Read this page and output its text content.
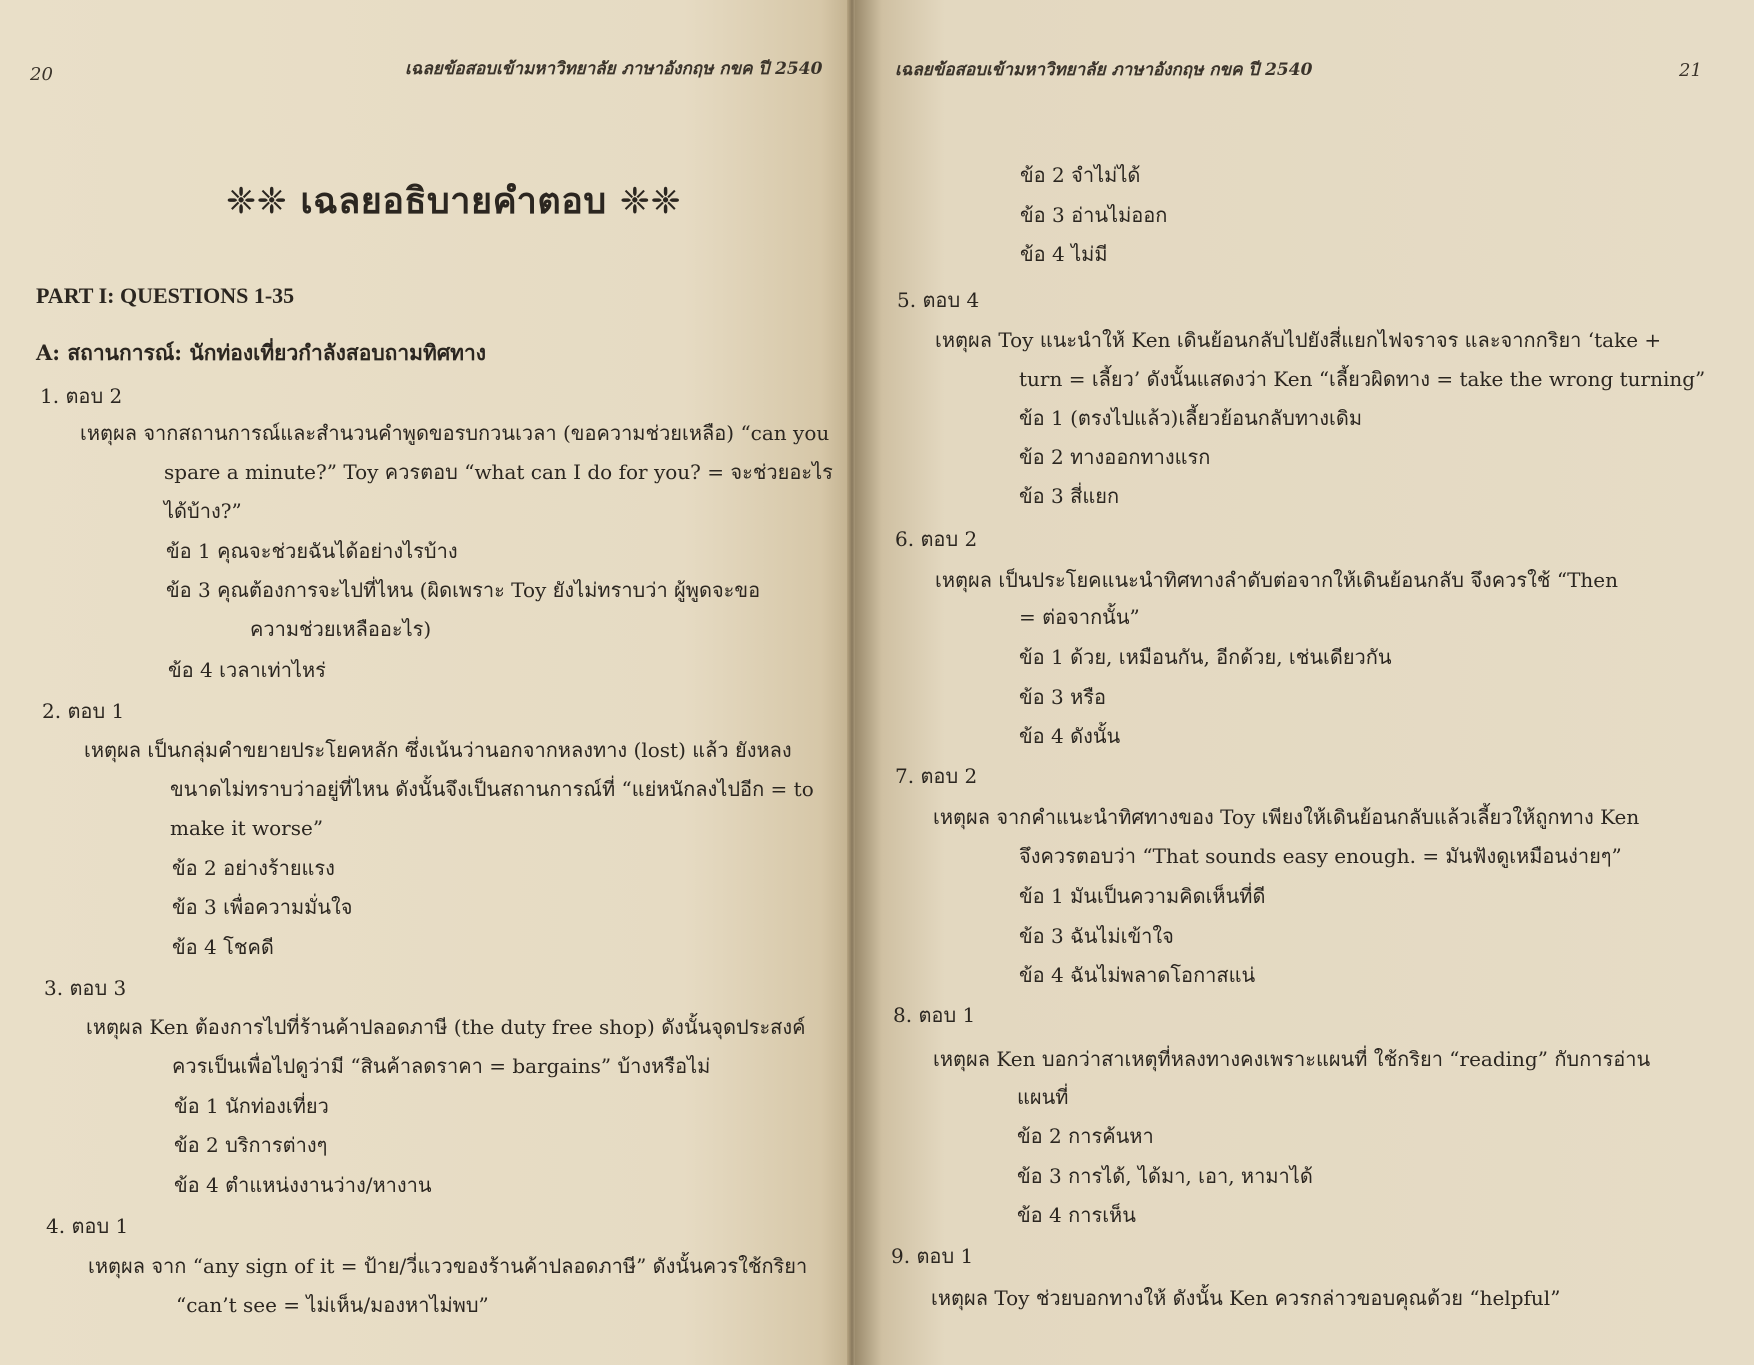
20	เฉลยข้อสอบเข้ามหาวิทยาลัย ภาษาอังกฤษ กขค ปี 2540
❈❈ เฉลยอธิบายคำตอบ ❈❈
PART I: QUESTIONS 1-35
A: สถานการณ์: นักท่องเที่ยวกำลังสอบถามทิศทาง
1. ตอบ 2
เหตุผล จากสถานการณ์และสำนวนคำพูดขอรบกวนเวลา (ขอความช่วยเหลือ) “can you
spare a minute?” Toy ควรตอบ “what can I do for you? = จะช่วยอะไร
ได้บ้าง?”
ข้อ 1 คุณจะช่วยฉันได้อย่างไรบ้าง
ข้อ 3 คุณต้องการจะไปที่ไหน (ผิดเพราะ Toy ยังไม่ทราบว่า ผู้พูดจะขอ
ความช่วยเหลืออะไร)
ข้อ 4 เวลาเท่าไหร่
2. ตอบ 1
เหตุผล เป็นกลุ่มคำขยายประโยคหลัก ซึ่งเน้นว่านอกจากหลงทาง (lost) แล้ว ยังหลง
ขนาดไม่ทราบว่าอยู่ที่ไหน ดังนั้นจึงเป็นสถานการณ์ที่ “แย่หนักลงไปอีก = to
make it worse”
ข้อ 2 อย่างร้ายแรง
ข้อ 3 เพื่อความมั่นใจ
ข้อ 4 โชคดี
3. ตอบ 3
เหตุผล Ken ต้องการไปที่ร้านค้าปลอดภาษี (the duty free shop) ดังนั้นจุดประสงค์
ควรเป็นเพื่อไปดูว่ามี “สินค้าลดราคา = bargains” บ้างหรือไม่
ข้อ 1 นักท่องเที่ยว
ข้อ 2 บริการต่างๆ
ข้อ 4 ตำแหน่งงานว่าง/หางาน
4. ตอบ 1
เหตุผล จาก “any sign of it = ป้าย/วี่แววของร้านค้าปลอดภาษี” ดังนั้นควรใช้กริยา
“can’t see = ไม่เห็น/มองหาไม่พบ”
เฉลยข้อสอบเข้ามหาวิทยาลัย ภาษาอังกฤษ กขค ปี 2540	21
ข้อ 2 จำไม่ได้
ข้อ 3 อ่านไม่ออก
ข้อ 4 ไม่มี
5. ตอบ 4
เหตุผล Toy แนะนำให้ Ken เดินย้อนกลับไปยังสี่แยกไฟจราจร และจากกริยา ‘take +
turn = เลี้ยว’ ดังนั้นแสดงว่า Ken “เลี้ยวผิดทาง = take the wrong turning”
ข้อ 1 (ตรงไปแล้ว)เลี้ยวย้อนกลับทางเดิม
ข้อ 2 ทางออกทางแรก
ข้อ 3 สี่แยก
6. ตอบ 2
เหตุผล เป็นประโยคแนะนำทิศทางลำดับต่อจากให้เดินย้อนกลับ จึงควรใช้ “Then
= ต่อจากนั้น”
ข้อ 1 ด้วย, เหมือนกัน, อีกด้วย, เช่นเดียวกัน
ข้อ 3 หรือ
ข้อ 4 ดังนั้น
7. ตอบ 2
เหตุผล จากคำแนะนำทิศทางของ Toy เพียงให้เดินย้อนกลับแล้วเลี้ยวให้ถูกทาง Ken
จึงควรตอบว่า “That sounds easy enough. = มันฟังดูเหมือนง่ายๆ”
ข้อ 1 มันเป็นความคิดเห็นที่ดี
ข้อ 3 ฉันไม่เข้าใจ
ข้อ 4 ฉันไม่พลาดโอกาสแน่
8. ตอบ 1
เหตุผล Ken บอกว่าสาเหตุที่หลงทางคงเพราะแผนที่ ใช้กริยา “reading” กับการอ่าน
แผนที่
ข้อ 2 การค้นหา
ข้อ 3 การได้, ได้มา, เอา, หามาได้
ข้อ 4 การเห็น
9. ตอบ 1
เหตุผล Toy ช่วยบอกทางให้ ดังนั้น Ken ควรกล่าวขอบคุณด้วย “helpful”
